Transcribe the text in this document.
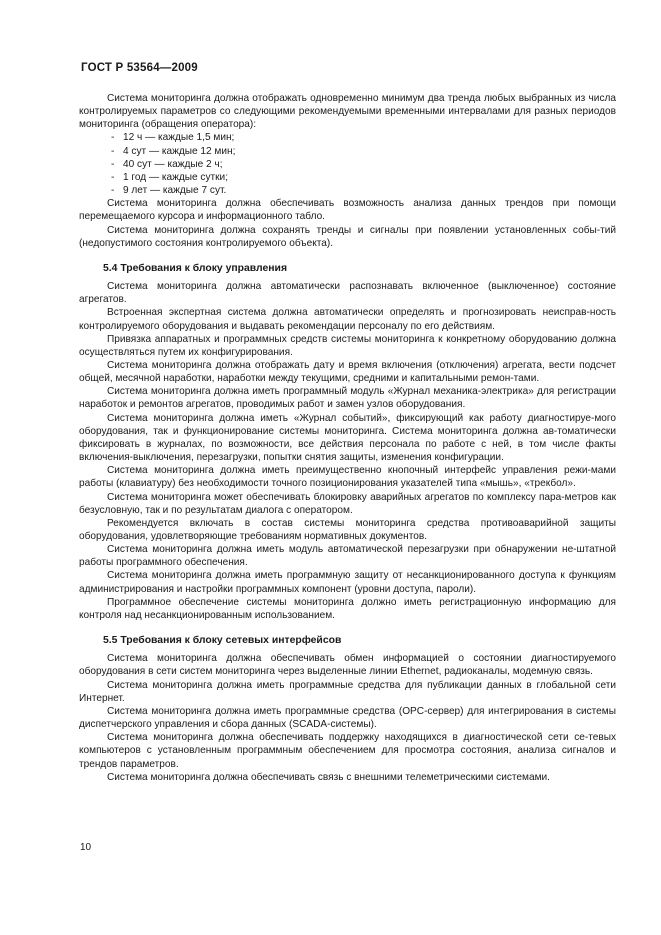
ГОСТ Р 53564—2009

Система мониторинга должна отображать одновременно минимум два тренда любых выбранных из числа контролируемых параметров со следующими рекомендуемыми временными интервалами для разных периодов мониторинга (обращения оператора):

- 12 ч — каждые 1,5 мин;

- 4 сут — каждые 12 мин;

- 40 сут — каждые 2 ч;

- 1 год — каждые сутки;

- 9 лет — каждые 7 сут.

Система мониторинга должна обеспечивать возможность анализа данных трендов при помощи перемещаемого курсора и информационного табло.

Система мониторинга должна сохранять тренды и сигналы при появлении установленных собы-тий (недопустимого состояния контролируемого объекта).

5.4 Требования к блоку управления

Система мониторинга должна автоматически распознавать включенное (выключенное) состояние агрегатов.

Встроенная экспертная система должна автоматически определять и прогнозировать неисправ-ность контролируемого оборудования и выдавать рекомендации персоналу по его действиям.

Привязка аппаратных и программных средств системы мониторинга к конкретному оборудованию должна осуществляться путем их конфигурирования.

Система мониторинга должна отображать дату и время включения (отключения) агрегата, вести подсчет общей, месячной наработки, наработки между текущими, средними и капитальными ремон-тами.

Система мониторинга должна иметь программный модуль «Журнал механика-электрика» для регистрации наработок и ремонтов агрегатов, проводимых работ и замен узлов оборудования.

Система мониторинга должна иметь «Журнал событий», фиксирующий как работу диагностируе-мого оборудования, так и функционирование системы мониторинга. Система мониторинга должна ав-томатически фиксировать в журналах, по возможности, все действия персонала по работе с ней, в том числе факты включения-выключения, перезагрузки, попытки снятия защиты, изменения конфигурации.

Система мониторинга должна иметь преимущественно кнопочный интерфейс управления режи-мами работы (клавиатуру) без необходимости точного позиционирования указателей типа «мышь», «трекбол».

Система мониторинга может обеспечивать блокировку аварийных агрегатов по комплексу пара-метров как безусловную, так и по результатам диалога с оператором.

Рекомендуется включать в состав системы мониторинга средства противоаварийной защиты оборудования, удовлетворяющие требованиям нормативных документов.

Система мониторинга должна иметь модуль автоматической перезагрузки при обнаружении не-штатной работы программного обеспечения.

Система мониторинга должна иметь программную защиту от несанкционированного доступа к функциям администрирования и настройки программных компонент (уровни доступа, пароли).

Программное обеспечение системы мониторинга должно иметь регистрационную информацию для контроля над несанкционированным использованием.

5.5 Требования к блоку сетевых интерфейсов

Система мониторинга должна обеспечивать обмен информацией о состоянии диагностируемого оборудования в сети систем мониторинга через выделенные линии Ethernet, радиоканалы, модемную связь.

Система мониторинга должна иметь программные средства для публикации данных в глобальной сети Интернет.

Система мониторинга должна иметь программные средства (OPC-сервер) для интегрирования в системы диспетчерского управления и сбора данных (SCADA-системы).

Система мониторинга должна обеспечивать поддержку находящихся в диагностической сети се-тевых компьютеров с установленным программным обеспечением для просмотра состояния, анализа сигналов и трендов параметров.

Система мониторинга должна обеспечивать связь с внешними телеметрическими системами.

10
